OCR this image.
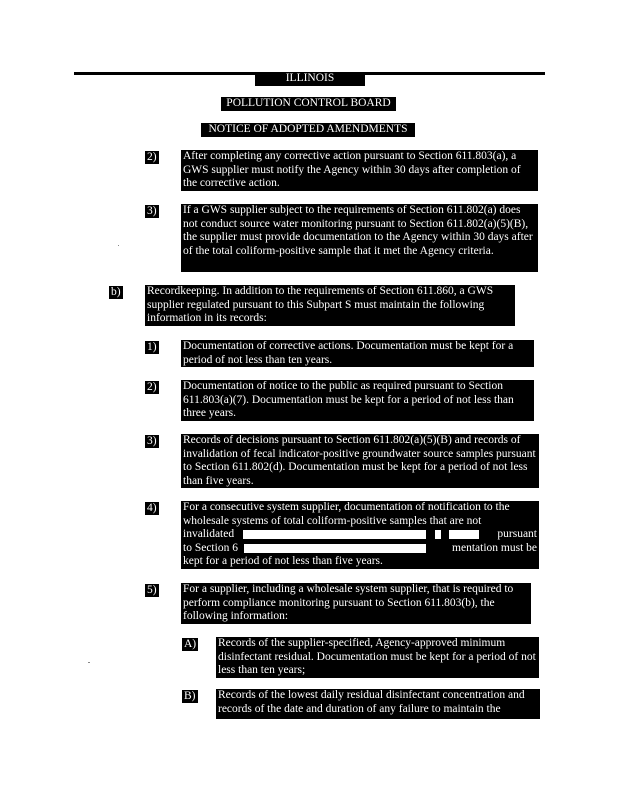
ILLINOIS REGISTER
POLLUTION CONTROL BOARD
NOTICE OF ADOPTED AMENDMENTS
2) After completing any corrective action pursuant to Section 611.803(a), a GWS supplier must notify the Agency within 30 days after completion of the corrective action.
3) If a GWS supplier subject to the requirements of Section 611.802(a) does not conduct source water monitoring pursuant to Section 611.802(a)(5)(B), the supplier must provide documentation to the Agency within 30 days after of the total coliform-positive sample that it met the Agency criteria.
b) Recordkeeping. In addition to the requirements of Section 611.860, a GWS supplier regulated pursuant to this Subpart S must maintain the following information in its records:
1) Documentation of corrective actions. Documentation must be kept for a period of not less than ten years.
2) Documentation of notice to the public as required pursuant to Section 611.803(a)(7). Documentation must be kept for a period of not less than three years.
3) Records of decisions pursuant to Section 611.802(a)(5)(B) and records of invalidation of fecal indicator-positive groundwater source samples pursuant to Section 611.802(d). Documentation must be kept for a period of not less than five years.
4) For a consecutive system supplier, documentation of notification to the
wholesale systems of total coliform-positive samples that are not
invalidated	pursuant
to Section 6	mentation must be
kept for a period of not less than five years.
5) For a supplier, including a wholesale system supplier, that is required to perform compliance monitoring pursuant to Section 611.803(b), the following information:
A) Records of the supplier-specified, Agency-approved minimum disinfectant residual. Documentation must be kept for a period of not less than ten years;
B) Records of the lowest daily residual disinfectant concentration and records of the date and duration of any failure to maintain the
